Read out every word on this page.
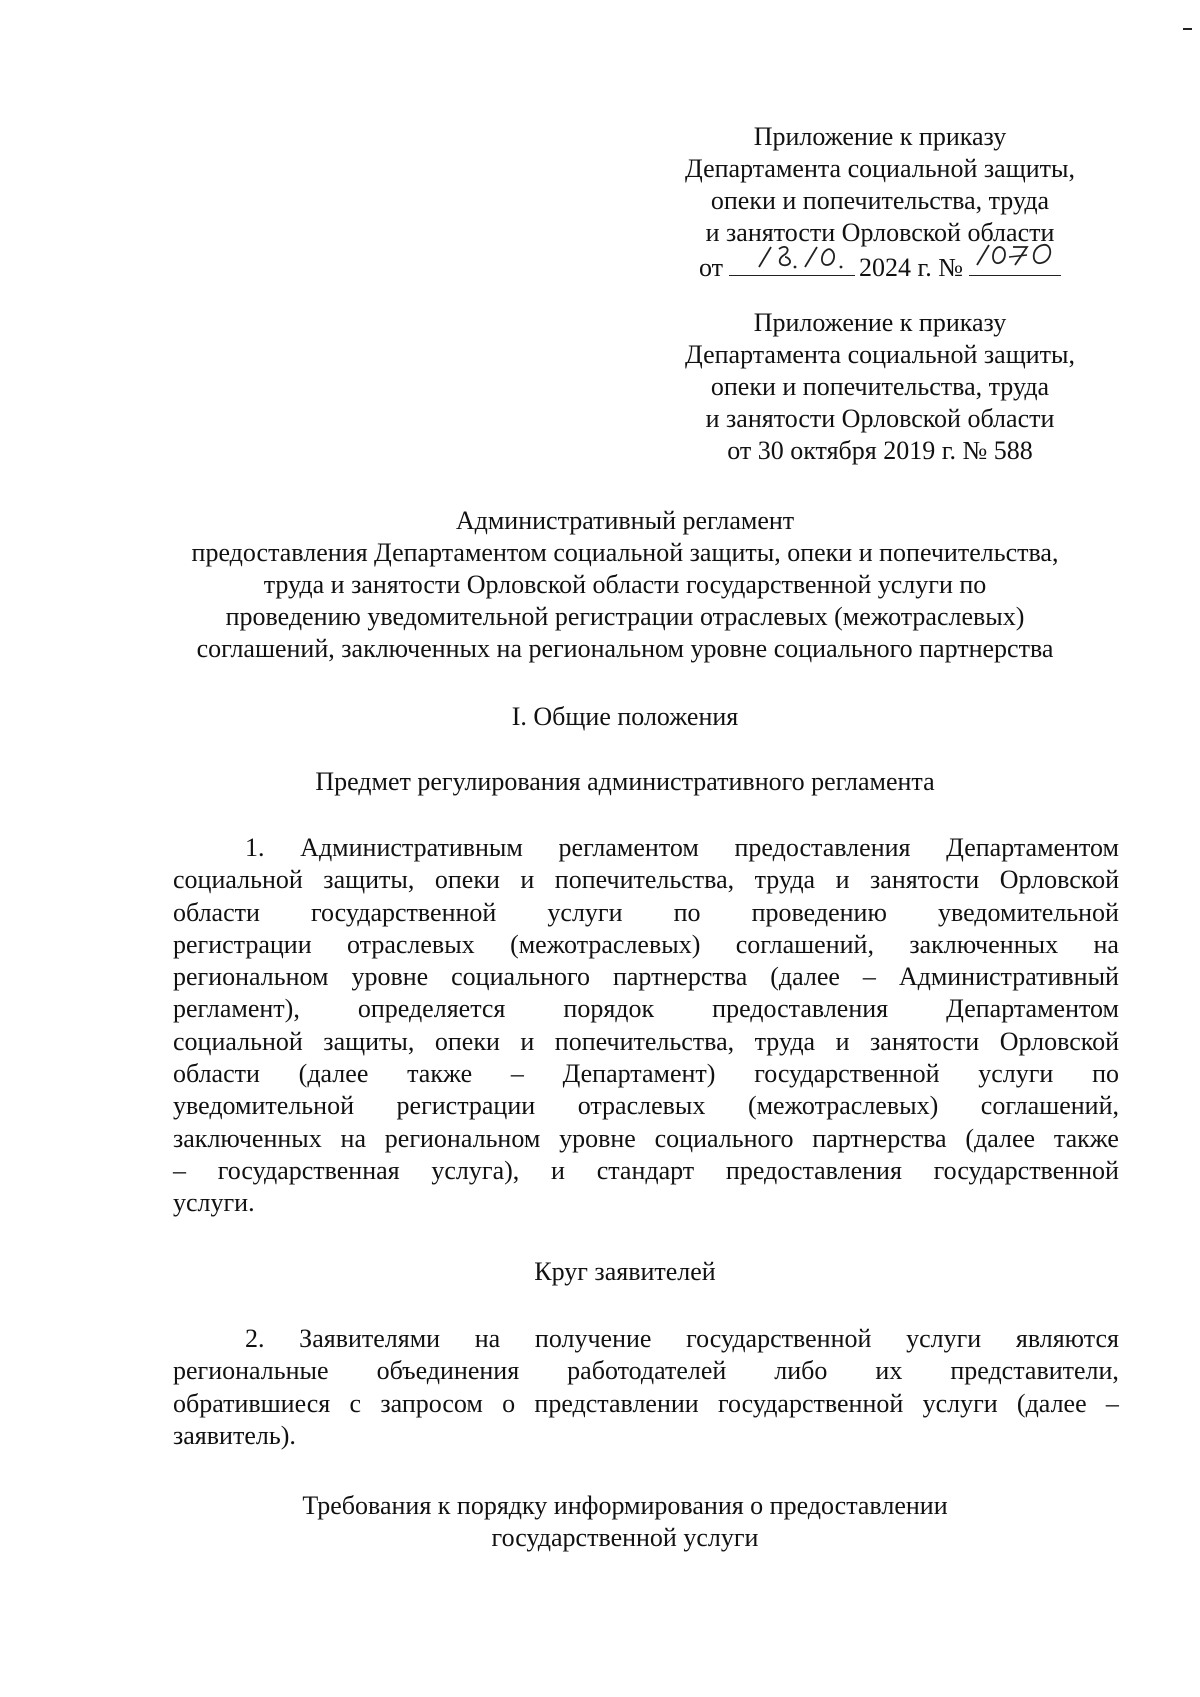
Приложение к приказу
Департамента социальной защиты,
опеки и попечительства, труда
и занятости Орловской области
от	2024 г. №
Приложение к приказу
Департамента социальной защиты,
опеки и попечительства, труда
и занятости Орловской области
от 30 октября 2019 г. № 588
Административный регламент
предоставления Департаментом социальной защиты, опеки и попечительства,
труда и занятости Орловской области государственной услуги по
проведению уведомительной регистрации отраслевых (межотраслевых)
соглашений, заключенных на региональном уровне социального партнерства
I. Общие положения
Предмет регулирования административного регламента
1. Административным регламентом предоставления Департаментом
социальной защиты, опеки и попечительства, труда и занятости Орловской
области государственной услуги по проведению уведомительной
регистрации отраслевых (межотраслевых) соглашений, заключенных на
региональном уровне социального партнерства (далее – Административный
регламент), определяется порядок предоставления Департаментом
социальной защиты, опеки и попечительства, труда и занятости Орловской
области (далее также – Департамент) государственной услуги по
уведомительной регистрации отраслевых (межотраслевых) соглашений,
заключенных на региональном уровне социального партнерства (далее также
– государственная услуга), и стандарт предоставления государственной
услуги.
Круг заявителей
2. Заявителями на получение государственной услуги являются
региональные объединения работодателей либо их представители,
обратившиеся с запросом о представлении государственной услуги (далее –
заявитель).
Требования к порядку информирования о предоставлении
государственной услуги
